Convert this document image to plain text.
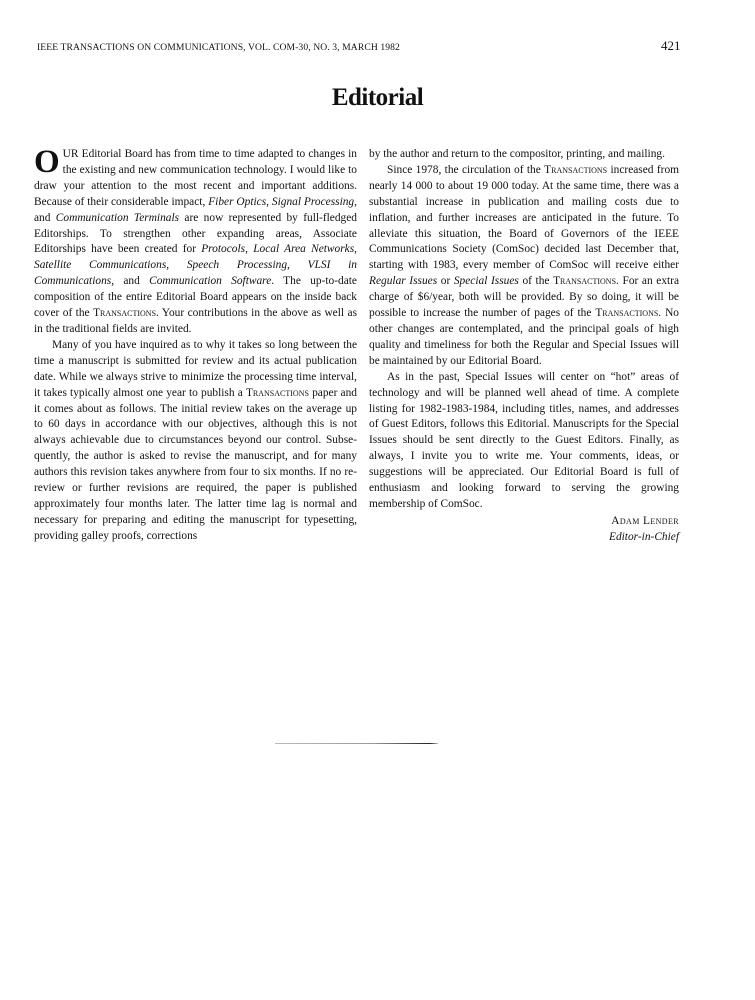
IEEE TRANSACTIONS ON COMMUNICATIONS, VOL. COM-30, NO. 3, MARCH 1982	421
Editorial

OUR Editorial Board has from time to time adapted to changes in the existing and new communication technology. I would like to draw your attention to the most recent and important additions. Because of their considerable impact, Fiber Optics, Signal Processing, and Communication Terminals are now represented by full-fledged Editorships. To strengthen other expanding areas, Associate Editorships have been created for Protocols, Local Area Networks, Satellite Communications, Speech Processing, VLSI in Communications, and Communication Software. The up-to-date composition of the entire Editorial Board appears on the inside back cover of the Transactions. Your contributions in the above as well as in the traditional fields are invited.

Many of you have inquired as to why it takes so long between the time a manuscript is submitted for review and its actual publication date. While we always strive to minimize the processing time interval, it takes typically almost one year to publish a Transactions paper and it comes about as follows. The initial review takes on the average up to 60 days in accordance with our objectives, although this is not always achievable due to circumstances beyond our control. Subsequently, the author is asked to revise the manuscript, and for many authors this revision takes anywhere from four to six months. If no re-review or further revisions are required, the paper is published approximately four months later. The latter time lag is normal and necessary for preparing and editing the manuscript for typesetting, providing galley proofs, corrections

by the author and return to the compositor, printing, and mailing.

Since 1978, the circulation of the Transactions increased from nearly 14 000 to about 19 000 today. At the same time, there was a substantial increase in publication and mailing costs due to inflation, and further increases are anticipated in the future. To alleviate this situation, the Board of Governors of the IEEE Communications Society (ComSoc) decided last December that, starting with 1983, every member of ComSoc will receive either Regular Issues or Special Issues of the Transactions. For an extra charge of $6/year, both will be provided. By so doing, it will be possible to increase the number of pages of the Transactions. No other changes are contemplated, and the principal goals of high quality and timeliness for both the Regular and Special Issues will be maintained by our Editorial Board.

As in the past, Special Issues will center on “hot” areas of technology and will be planned well ahead of time. A complete listing for 1982-1983-1984, including titles, names, and addresses of Guest Editors, follows this Editorial. Manuscripts for the Special Issues should be sent directly to the Guest Editors. Finally, as always, I invite you to write me. Your comments, ideas, or suggestions will be appreciated. Our Editorial Board is full of enthusiasm and looking forward to serving the growing membership of ComSoc.

Adam Lender
Editor-in-Chief
